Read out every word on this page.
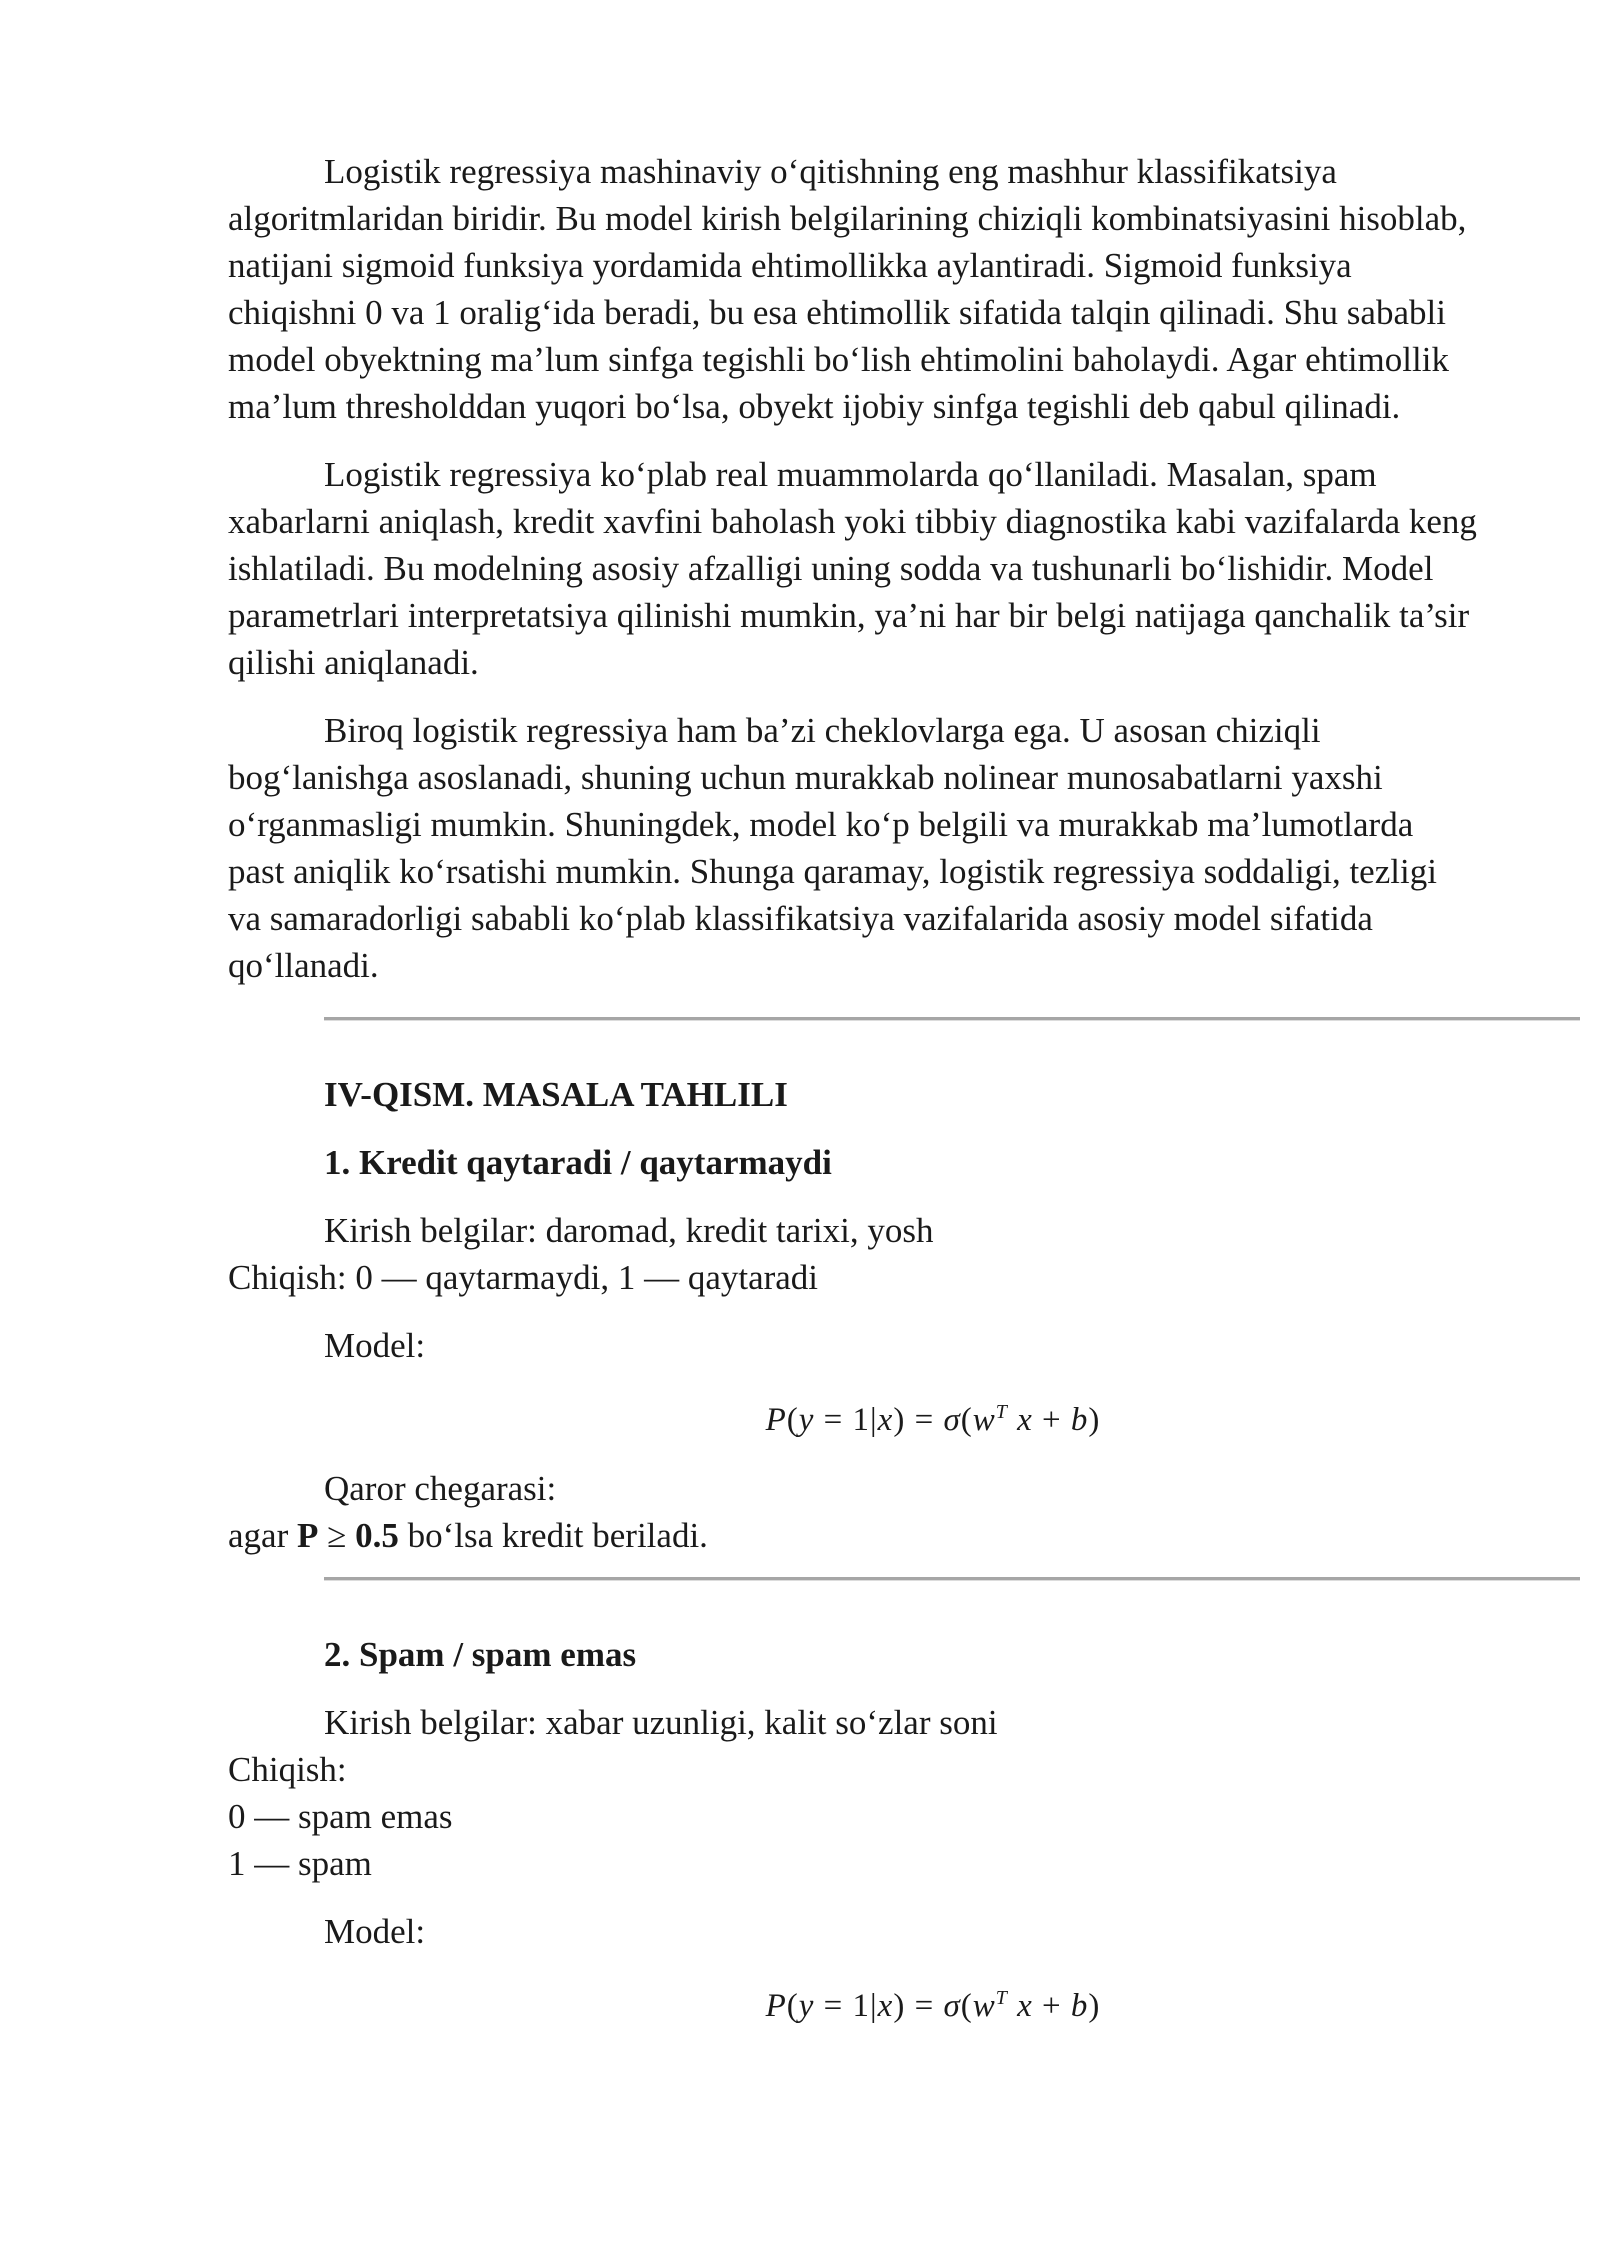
Logistik regressiya mashinaviy o‘qitishning eng mashhur klassifikatsiya algoritmlaridan biridir. Bu model kirish belgilarining chiziqli kombinatsiyasini hisoblab, natijani sigmoid funksiya yordamida ehtimollikka aylantiradi. Sigmoid funksiya chiqishni 0 va 1 oralig‘ida beradi, bu esa ehtimollik sifatida talqin qilinadi. Shu sababli model obyektning ma’lum sinfga tegishli bo‘lish ehtimolini baholaydi. Agar ehtimollik ma’lum thresholddan yuqori bo‘lsa, obyekt ijobiy sinfga tegishli deb qabul qilinadi.

Logistik regressiya ko‘plab real muammolarda qo‘llaniladi. Masalan, spam xabarlarni aniqlash, kredit xavfini baholash yoki tibbiy diagnostika kabi vazifalarda keng ishlatiladi. Bu modelning asosiy afzalligi uning sodda va tushunarli bo‘lishidir. Model parametrlari interpretatsiya qilinishi mumkin, ya’ni har bir belgi natijaga qanchalik ta’sir qilishi aniqlanadi.

Biroq logistik regressiya ham ba’zi cheklovlarga ega. U asosan chiziqli bog‘lanishga asoslanadi, shuning uchun murakkab nolinear munosabatlarni yaxshi o‘rganmasligi mumkin. Shuningdek, model ko‘p belgili va murakkab ma’lumotlarda past aniqlik ko‘rsatishi mumkin. Shunga qaramay, logistik regressiya soddaligi, tezligi va samaradorligi sababli ko‘plab klassifikatsiya vazifalarida asosiy model sifatida qo‘llanadi.

IV-QISM. MASALA TAHLILI

1. Kredit qaytaradi / qaytarmaydi

Kirish belgilar: daromad, kredit tarixi, yosh

Chiqish: 0 — qaytarmaydi, 1 — qaytaradi

Model:

$P(y = 1|x) = \sigma(w^T$ x + b)

Qaror chegarasi:

agar P ≥ 0.5 bo‘lsa kredit beriladi.

2. Spam / spam emas

Kirish belgilar: xabar uzunligi, kalit so‘zlar soni

Chiqish:

0 — spam emas

1 — spam

Model:

$P(y = 1|x) = \sigma(w^T$ x + b)
